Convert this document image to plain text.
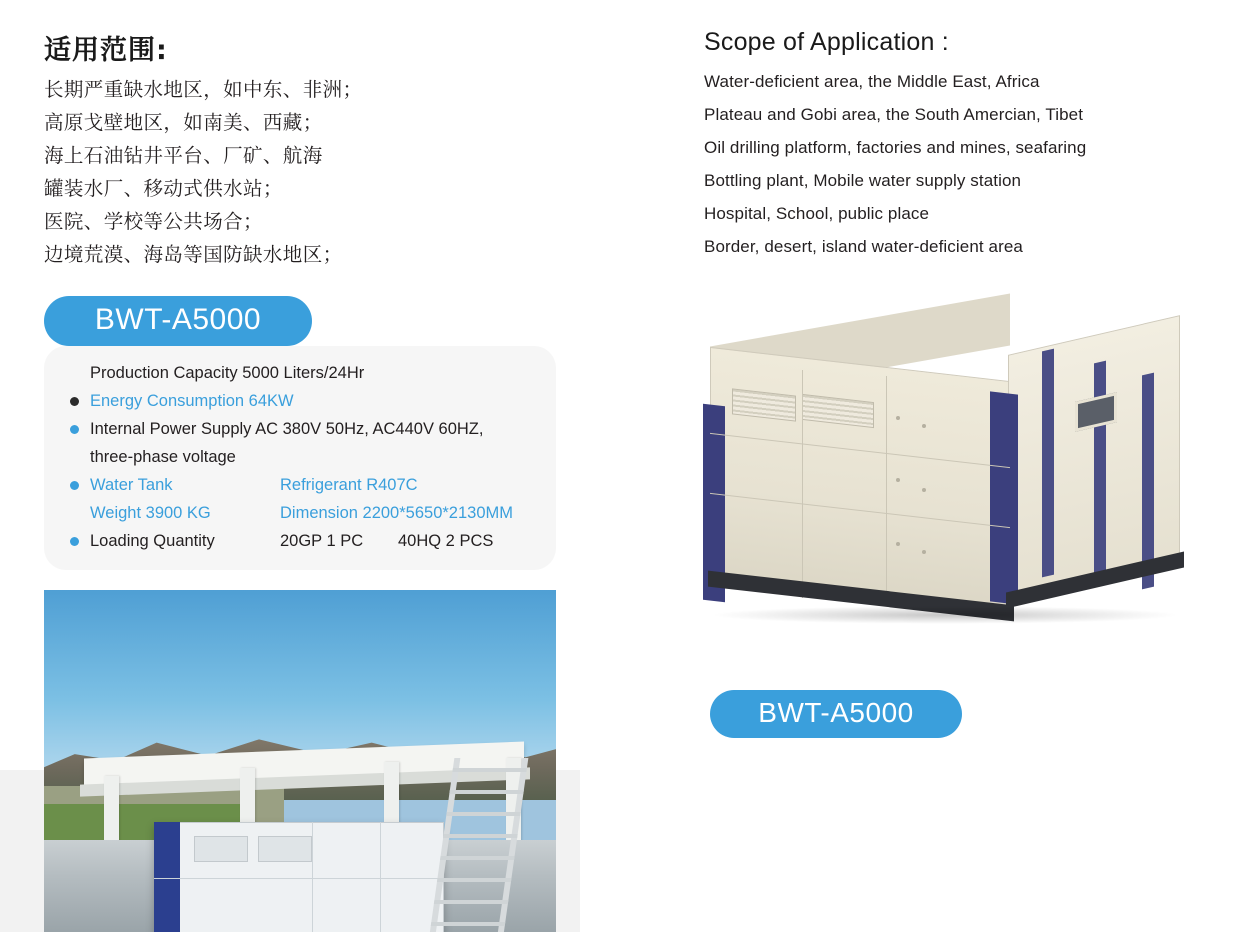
适用范围:
长期严重缺水地区，如中东、非洲；
高原戈壁地区，如南美、西藏；
海上石油钻井平台、厂矿、航海
罐装水厂、移动式供水站；
医院、学校等公共场合；
边境荒漠、海岛等国防缺水地区；
Scope of Application :
Water-deficient area, the Middle East, Africa
Plateau and Gobi area, the South Amercian, Tibet
Oil drilling platform, factories and mines, seafaring
Bottling plant, Mobile water supply station
Hospital, School, public place
Border, desert, island water-deficient area
BWT-A5000
Production Capacity 5000 Liters/24Hr
Energy Consumption 64KW
Internal Power Supply AC 380V 50Hz, AC440V 60HZ,
three-phase voltage
Water Tank	Refrigerant R407C
Weight 3900 KG	Dimension 2200*5650*2130MM
Loading Quantity	20GP 1 PC	40HQ 2 PCS
BWT-A5000
